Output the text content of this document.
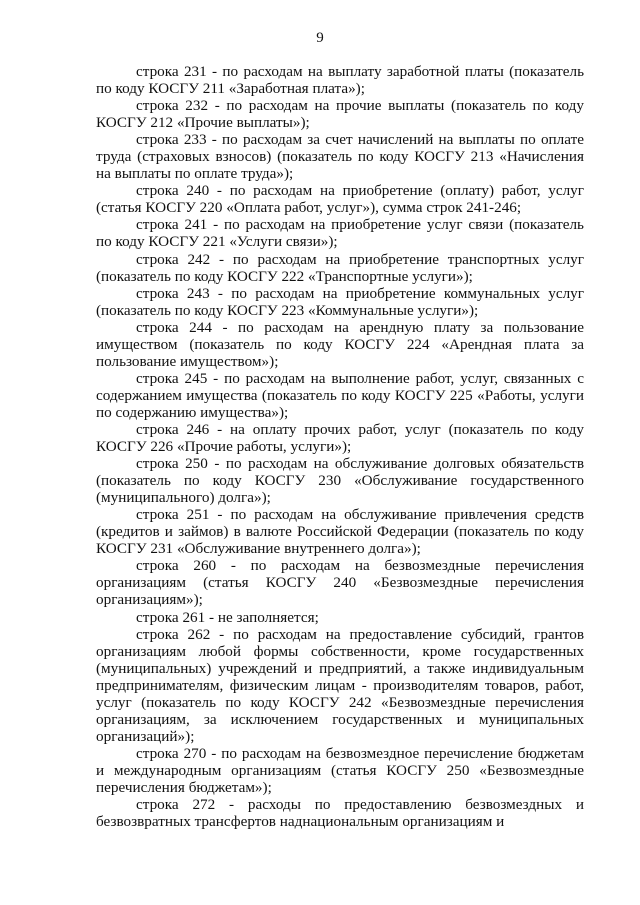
9

строка 231 - по расходам на выплату заработной платы (показатель по коду КОСГУ 211 «Заработная плата»);

строка 232 - по расходам на прочие выплаты (показатель по коду КОСГУ 212 «Прочие выплаты»);

строка 233 - по расходам за счет начислений на выплаты по оплате труда (страховых взносов) (показатель по коду КОСГУ 213 «Начисления на выплаты по оплате труда»);

строка 240 - по расходам на приобретение (оплату) работ, услуг (статья КОСГУ 220 «Оплата работ, услуг»), сумма строк 241-246;

строка 241 - по расходам на приобретение услуг связи (показатель по коду КОСГУ 221 «Услуги связи»);

строка 242 - по расходам на приобретение транспортных услуг (показатель по коду КОСГУ 222 «Транспортные услуги»);

строка 243 - по расходам на приобретение коммунальных услуг (показатель по коду КОСГУ 223 «Коммунальные услуги»);

строка 244 - по расходам на арендную плату за пользование имуществом (показатель по коду КОСГУ 224 «Арендная плата за пользование имуществом»);

строка 245 - по расходам на выполнение работ, услуг, связанных с содержанием имущества (показатель по коду КОСГУ 225 «Работы, услуги по содержанию имущества»);

строка 246 - на оплату прочих работ, услуг (показатель по коду КОСГУ 226 «Прочие работы, услуги»);

строка 250 - по расходам на обслуживание долговых обязательств (показатель по коду КОСГУ 230 «Обслуживание государственного (муниципального) долга»);

строка 251 - по расходам на обслуживание привлечения средств (кредитов и займов) в валюте Российской Федерации (показатель по коду КОСГУ 231 «Обслуживание внутреннего долга»);

строка 260 - по расходам на безвозмездные перечисления организациям (статья КОСГУ 240 «Безвозмездные перечисления организациям»);

строка 261 - не заполняется;

строка 262 - по расходам на предоставление субсидий, грантов организациям любой формы собственности, кроме государственных (муниципальных) учреждений и предприятий, а также индивидуальным предпринимателям, физическим лицам - производителям товаров, работ, услуг (показатель по коду КОСГУ 242 «Безвозмездные перечисления организациям, за исключением государственных и муниципальных организаций»);

строка 270 - по расходам на безвозмездное перечисление бюджетам и международным организациям (статья КОСГУ 250 «Безвозмездные перечисления бюджетам»);

строка 272 - расходы по предоставлению безвозмездных и безвозвратных трансфертов наднациональным организациям и
